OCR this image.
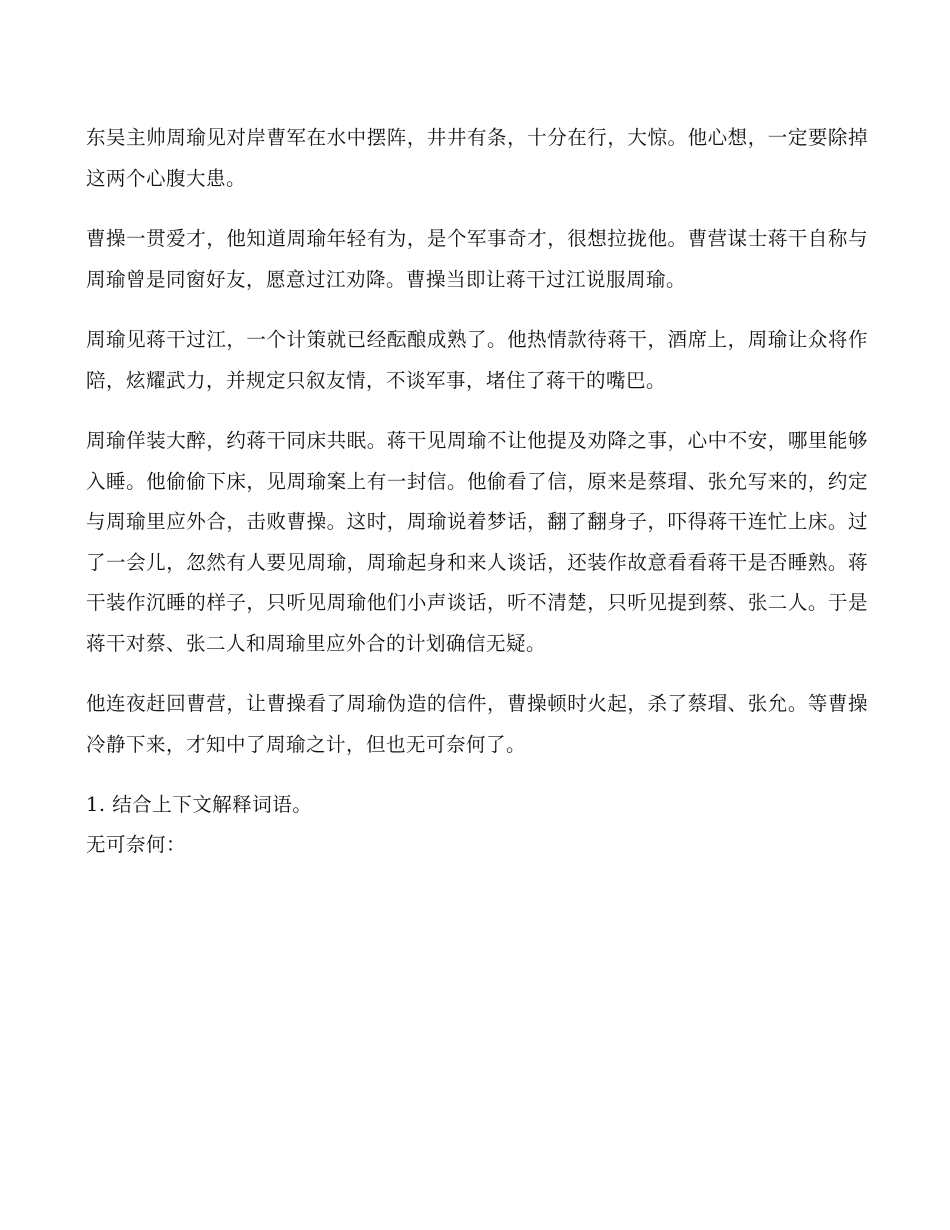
东吴主帅周瑜见对岸曹军在水中摆阵，井井有条，十分在行，大惊。他心想，一定要除掉这两个心腹大患。

曹操一贯爱才，他知道周瑜年轻有为，是个军事奇才，很想拉拢他。曹营谋士蒋干自称与周瑜曾是同窗好友，愿意过江劝降。曹操当即让蒋干过江说服周瑜。

周瑜见蒋干过江，一个计策就已经酝酿成熟了。他热情款待蒋干，酒席上，周瑜让众将作陪，炫耀武力，并规定只叙友情，不谈军事，堵住了蒋干的嘴巴。

周瑜佯装大醉，约蒋干同床共眠。蒋干见周瑜不让他提及劝降之事，心中不安，哪里能够入睡。他偷偷下床，见周瑜案上有一封信。他偷看了信，原来是蔡瑁、张允写来的，约定与周瑜里应外合，击败曹操。这时，周瑜说着梦话，翻了翻身子，吓得蒋干连忙上床。过了一会儿，忽然有人要见周瑜，周瑜起身和来人谈话，还装作故意看看蒋干是否睡熟。蒋干装作沉睡的样子，只听见周瑜他们小声谈话，听不清楚，只听见提到蔡、张二人。于是蒋干对蔡、张二人和周瑜里应外合的计划确信无疑。

他连夜赶回曹营，让曹操看了周瑜伪造的信件，曹操顿时火起，杀了蔡瑁、张允。等曹操冷静下来，才知中了周瑜之计，但也无可奈何了。

1. 结合上下文解释词语。

无可奈何：
